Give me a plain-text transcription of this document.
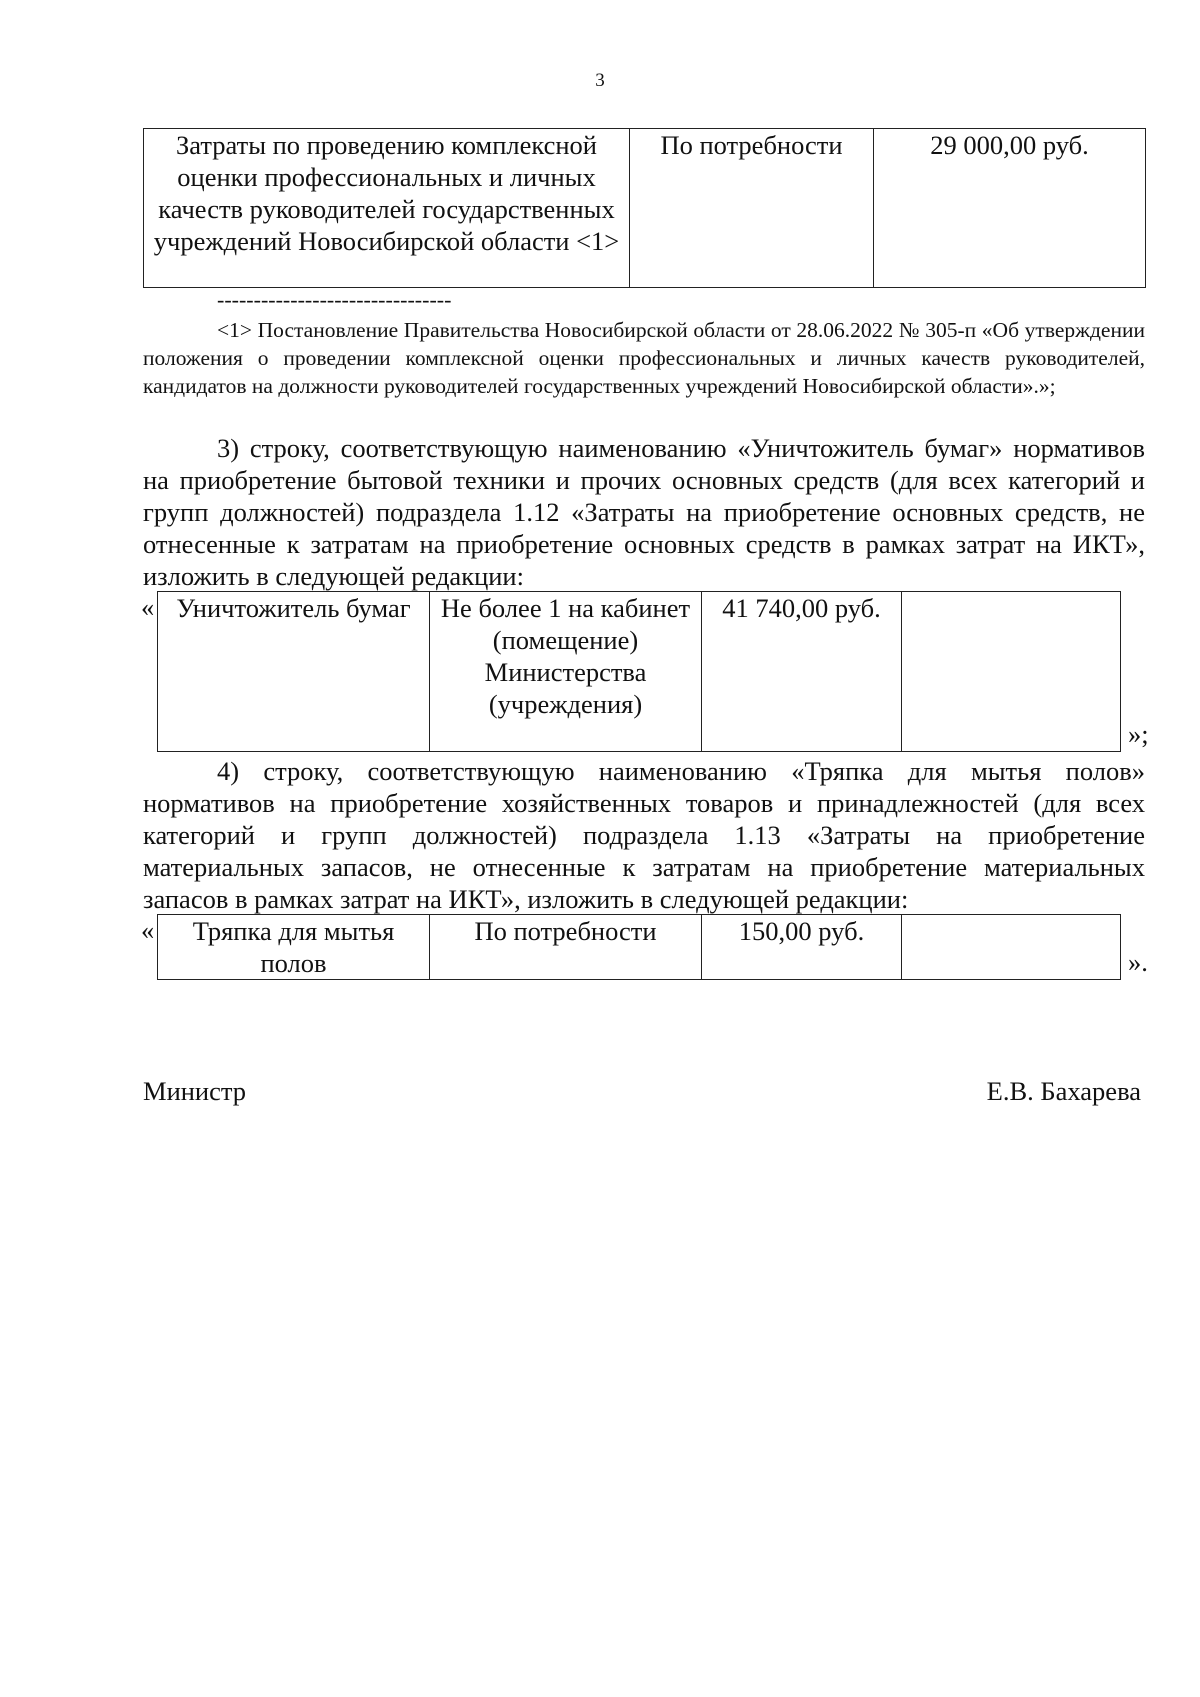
3
Затраты по проведению комплексной оценки профессиональных и личных качеств руководителей государственных учреждений Новосибирской области <1>	По потребности	29 000,00 руб.
--------------------------------

<1> Постановление Правительства Новосибирской области от 28.06.2022 № 305-п «Об утверждении положения о проведении комплексной оценки профессиональных и личных качеств руководителей, кандидатов на должности руководителей государственных учреждений Новосибирской области».»;

3) строку, соответствующую наименованию «Уничтожитель бумаг» нормативов на приобретение бытовой техники и прочих основных средств (для всех категорий и групп должностей) подраздела 1.12 «Затраты на приобретение основных средств, не отнесенные к затратам на приобретение основных средств в рамках затрат на ИКТ», изложить в следующей редакции:

« Уничтожитель бумаг	Не более 1 на кабинет (помещение) Министерства (учреждения)	41 740,00 руб.	
»;

4) строку, соответствующую наименованию «Тряпка для мытья полов» нормативов на приобретение хозяйственных товаров и принадлежностей (для всех категорий и групп должностей) подраздела 1.13 «Затраты на приобретение материальных запасов, не отнесенные к затратам на приобретение материальных запасов в рамках затрат на ИКТ», изложить в следующей редакции:

« Тряпка для мытья полов	По потребности	150,00 руб.	
».
Министр	Е.В. Бахарева
